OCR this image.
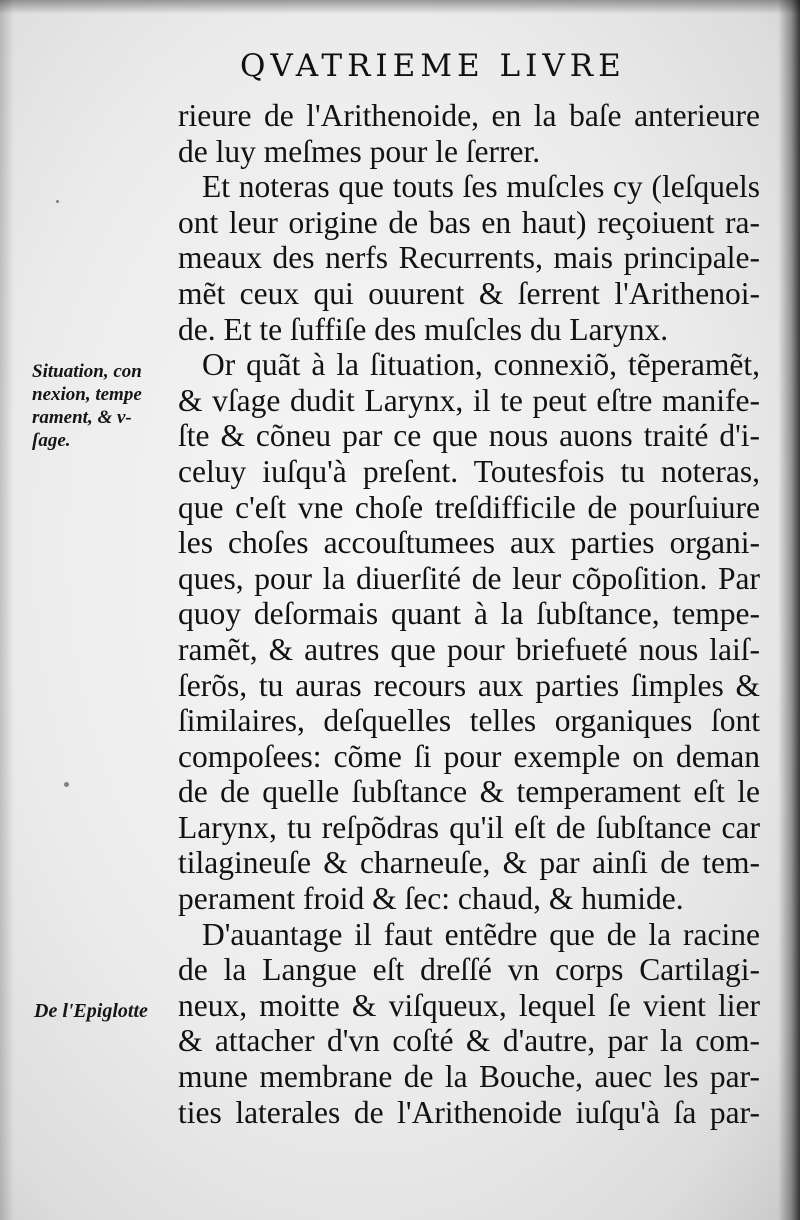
QVATRIEME LIVRE
rieure de l'Arithenoide, en la baſe anterieure
de luy meſmes pour le ſerrer.
Et noteras que touts ſes muſcles cy (leſquels
ont leur origine de bas en haut) reçoiuent ra-
meaux des nerfs Recurrents, mais principale-
mẽt ceux qui ouurent & ſerrent l'Arithenoi-
de. Et te ſuffiſe des muſcles du Larynx.
Or quãt à la ſituation, connexiõ, tẽperamẽt,
& vſage dudit Larynx, il te peut eſtre manife-
ſte & cõneu par ce que nous auons traité d'i-
celuy iuſqu'à preſent. Toutesfois tu noteras,
que c'eſt vne choſe treſdifficile de pourſuiure
les choſes accouſtumees aux parties organi-
ques, pour la diuerſité de leur cõpoſition. Par
quoy deſormais quant à la ſubſtance, tempe-
ramẽt, & autres que pour briefueté nous laiſ-
ſerõs, tu auras recours aux parties ſimples &
ſimilaires, deſquelles telles organiques ſont
compoſees: cõme ſi pour exemple on deman
de de quelle ſubſtance & temperament eſt le
Larynx, tu reſpõdras qu'il eſt de ſubſtance car
tilagineuſe & charneuſe, & par ainſi de tem-
perament froid & ſec: chaud, & humide.
D'auantage il faut entẽdre que de la racine
de la Langue eſt dreſſé vn corps Cartilagi-
neux, moitte & viſqueux, lequel ſe vient lier
& attacher d'vn coſté & d'autre, par la com-
mune membrane de la Bouche, auec les par-
ties laterales de l'Arithenoide iuſqu'à ſa par-
Situation, con
nexion, tempe
rament, & v-
ſage.
De l'Epiglotte
